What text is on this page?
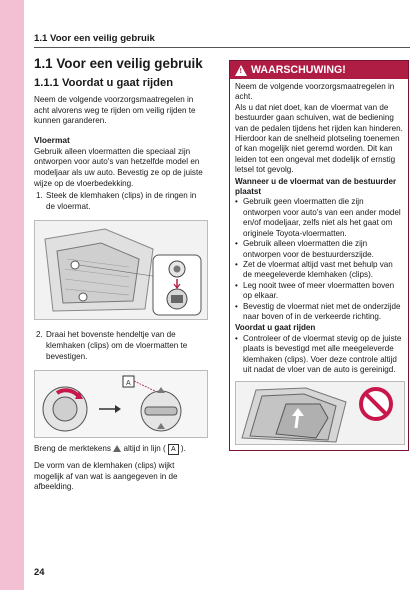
1.1 Voor een veilig gebruik
1.1 Voor een veilig gebruik
1.1.1 Voordat u gaat rijden

Neem de volgende voorzorgsmaatregelen in acht alvorens weg te rijden om veilig rijden te kunnen garanderen.

Vloermat

Gebruik alleen vloermatten die speciaal zijn ontworpen voor auto's van hetzelfde model en modeljaar als uw auto. Bevestig ze op de juiste wijze op de vloerbedekking.

1. Steek de klemhaken (clips) in de ringen in de vloermat.
2. Draai het bovenste hendeltje van de klemhaken (clips) om de vloermatten te bevestigen.
A

Breng de merktekens altijd in lijn ( A ).

De vorm van de klemhaken (clips) wijkt mogelijk af van wat is aangegeven in de afbeelding.

!
WAARSCHUWING!

Neem de volgende voorzorgsmaatregelen in acht.

Als u dat niet doet, kan de vloermat van de bestuurder gaan schuiven, wat de bediening van de pedalen tijdens het rijden kan hinderen. Hierdoor kan de snelheid plotseling toenemen of kan mogelijk niet geremd worden. Dit kan leiden tot een ongeval met dodelijk of ernstig letsel tot gevolg.

Wanneer u de vloermat van de bestuurder plaatst
• Gebruik geen vloermatten die zijn ontworpen voor auto's van een ander model en/of modeljaar, zelfs niet als het gaat om originele Toyota-vloermatten.
• Gebruik alleen vloermatten die zijn ontworpen voor de bestuurderszijde.
• Zet de vloermat altijd vast met behulp van de meegeleverde klemhaken (clips).
• Leg nooit twee of meer vloermatten boven op elkaar.
• Bevestig de vloermat niet met de onderzijde naar boven of in de verkeerde richting.
Voordat u gaat rijden
• Controleer of de vloermat stevig op de juiste plaats is bevestigd met alle meegeleverde klemhaken (clips). Voer deze controle altijd uit nadat de vloer van de auto is gereinigd.
24
